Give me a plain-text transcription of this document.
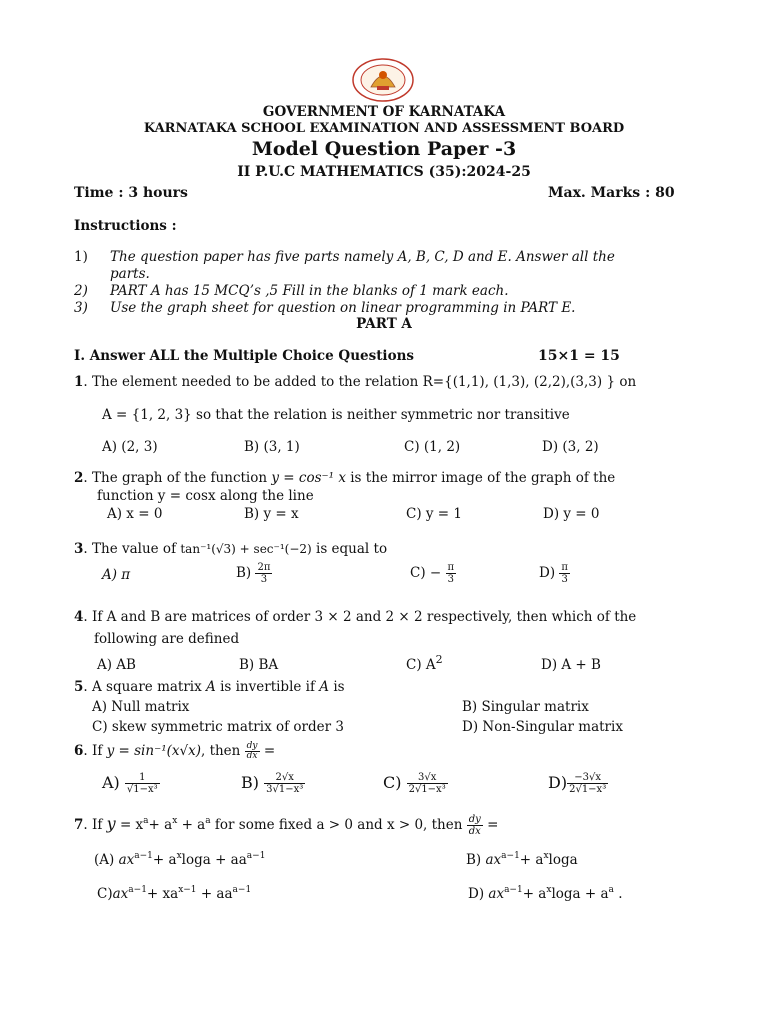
GOVERNMENT OF KARNATAKA
KARNATAKA SCHOOL EXAMINATION AND ASSESSMENT BOARD
Model Question Paper -3
II P.U.C MATHEMATICS (35):2024-25
Time : 3 hours	Max. Marks : 80
Instructions :
1) The question paper has five parts namely A, B, C, D and E. Answer all the
parts.
2) PART A has 15 MCQ’s ,5 Fill in the blanks of 1 mark each.
3) Use the graph sheet for question on linear programming in PART E.
PART A
I. Answer ALL the Multiple Choice Questions	15×1 = 15
1. The element needed to be added to the relation R={(1,1), (1,3), (2,2),(3,3) } on
A = {1, 2, 3} so that the relation is neither symmetric nor transitive
A) (2, 3)	B) (3, 1)	C) (1, 2)	D) (3, 2)
2. The graph of the function y = cos⁻¹ x is the mirror image of the graph of the
function y = cosx along the line
A) x = 0	B) y = x	C) y = 1	D) y = 0
3. The value of tan⁻¹(√3) + sec⁻¹(−2) is equal to
A) π	$B) \frac{2\pi}{3}$	$C) - \frac{\pi}{3}$	$D) \frac{\pi}{3}$
4. If A and B are matrices of order 3 × 2 and 2 × 2 respectively, then which of the
following are defined
A) AB	B) BA	C) $A^2$	D) A + B
5. A square matrix A is invertible if A is
A) Null matrix	B) Singular matrix
C) skew symmetric matrix of order 3	D) Non-Singular matrix
6. If y = sin⁻¹(x√x), then $\frac{dy}{dx}$ =
$A) \frac{1}{\text{√1−x³}}$	$B) \frac{2√x}{\text{3√1−x³}}$	$C) \frac{3√x}{\text{2√1−x³}}$	$D) \frac{-3√x}{\text{2√1−x³}}$
7. If $y = x^a+ a^x + a^a$ for some fixed a > 0 and x > 0, then $\frac{dy}{dx}$ =
(A) $ax^{a-1}+ a^x\log a + aa^{a-1}$	B) $ax^{a-1}+ a^x\log a$
$C)ax^{a-1}+ xa^{x-1} + aa^{a-1}$	D) $ax^{a-1}+ a^x\log a + a^a$ .
